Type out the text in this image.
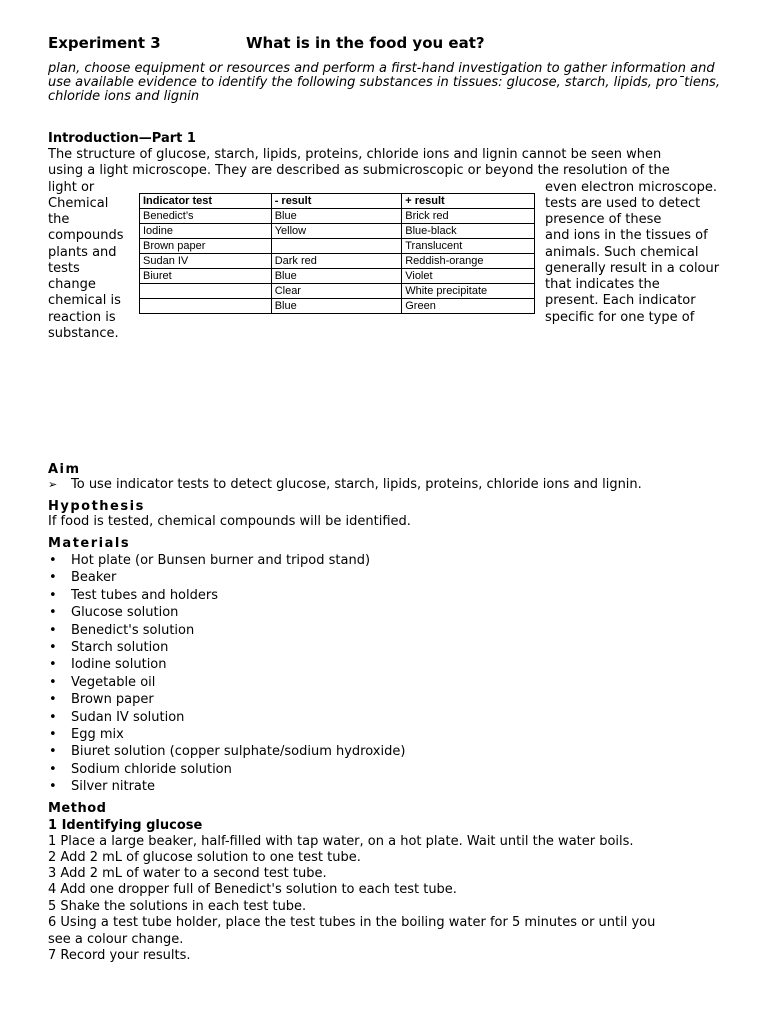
Experiment 3	What is in the food you eat?
plan, choose equipment or resources and perform a first-hand investigation to gather information and
use available evidence to identify the following substances in tissues: glucose, starch, lipids, pro¯tiens,
chloride ions and lignin
Introduction—Part 1
The structure of glucose, starch, lipids, proteins, chloride ions and lignin cannot be seen when
using a light microscope. They are described as submicroscopic or beyond the resolution of the
light or
Chemical
the
compounds
plants and
tests
change
chemical is
reaction is
substance.
even electron microscope.
tests are used to detect
presence of these
and ions in the tissues of
animals. Such chemical
generally result in a colour
that indicates the
present. Each indicator
specific for one type of
Indicator test	- result	+ result
Benedict’s	Blue	Brick red
Iodine	Yellow	Blue-black
Brown paper		Translucent
Sudan IV	Dark red	Reddish-orange
Biuret	Blue	Violet
	Clear	White precipitate
	Blue	Green
Aim
➢ To use indicator tests to detect glucose, starch, lipids, proteins, chloride ions and lignin.
Hypothesis
If food is tested, chemical compounds will be identified.
Materials
• Hot plate (or Bunsen burner and tripod stand)
• Beaker
• Test tubes and holders
• Glucose solution
• Benedict's solution
• Starch solution
• Iodine solution
• Vegetable oil
• Brown paper
• Sudan IV solution
• Egg mix
• Biuret solution (copper sulphate/sodium hydroxide)
• Sodium chloride solution
• Silver nitrate
Method
1 Identifying glucose
1 Place a large beaker, half-filled with tap water, on a hot plate. Wait until the water boils.
2 Add 2 mL of glucose solution to one test tube.
3 Add 2 mL of water to a second test tube.
4 Add one dropper full of Benedict's solution to each test tube.
5 Shake the solutions in each test tube.
6 Using a test tube holder, place the test tubes in the boiling water for 5 minutes or until you
see a colour change.
7 Record your results.
